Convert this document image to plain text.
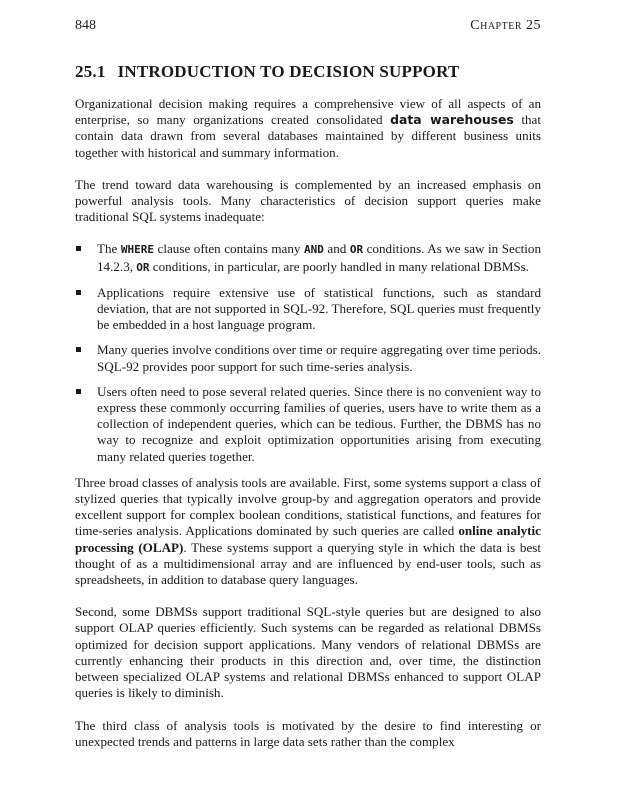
848	Chapter 25
25.1 INTRODUCTION TO DECISION SUPPORT

Organizational decision making requires a comprehensive view of all aspects of an enterprise, so many organizations created consolidated data warehouses that contain data drawn from several databases maintained by different business units together with historical and summary information.

The trend toward data warehousing is complemented by an increased emphasis on powerful analysis tools. Many characteristics of decision support queries make traditional SQL systems inadequate:

The WHERE clause often contains many AND and OR conditions. As we saw in Section 14.2.3, OR conditions, in particular, are poorly handled in many relational DBMSs.
Applications require extensive use of statistical functions, such as standard deviation, that are not supported in SQL-92. Therefore, SQL queries must frequently be embedded in a host language program.
Many queries involve conditions over time or require aggregating over time periods. SQL-92 provides poor support for such time-series analysis.
Users often need to pose several related queries. Since there is no convenient way to express these commonly occurring families of queries, users have to write them as a collection of independent queries, which can be tedious. Further, the DBMS has no way to recognize and exploit optimization opportunities arising from executing many related queries together.

Three broad classes of analysis tools are available. First, some systems support a class of stylized queries that typically involve group-by and aggregation operators and provide excellent support for complex boolean conditions, statistical functions, and features for time-series analysis. Applications dominated by such queries are called online analytic processing (OLAP). These systems support a querying style in which the data is best thought of as a multidimensional array and are influenced by end-user tools, such as spreadsheets, in addition to database query languages.

Second, some DBMSs support traditional SQL-style queries but are designed to also support OLAP queries efficiently. Such systems can be regarded as relational DBMSs optimized for decision support applications. Many vendors of relational DBMSs are currently enhancing their products in this direction and, over time, the distinction between specialized OLAP systems and relational DBMSs enhanced to support OLAP queries is likely to diminish.

The third class of analysis tools is motivated by the desire to find interesting or unexpected trends and patterns in large data sets rather than the complex
